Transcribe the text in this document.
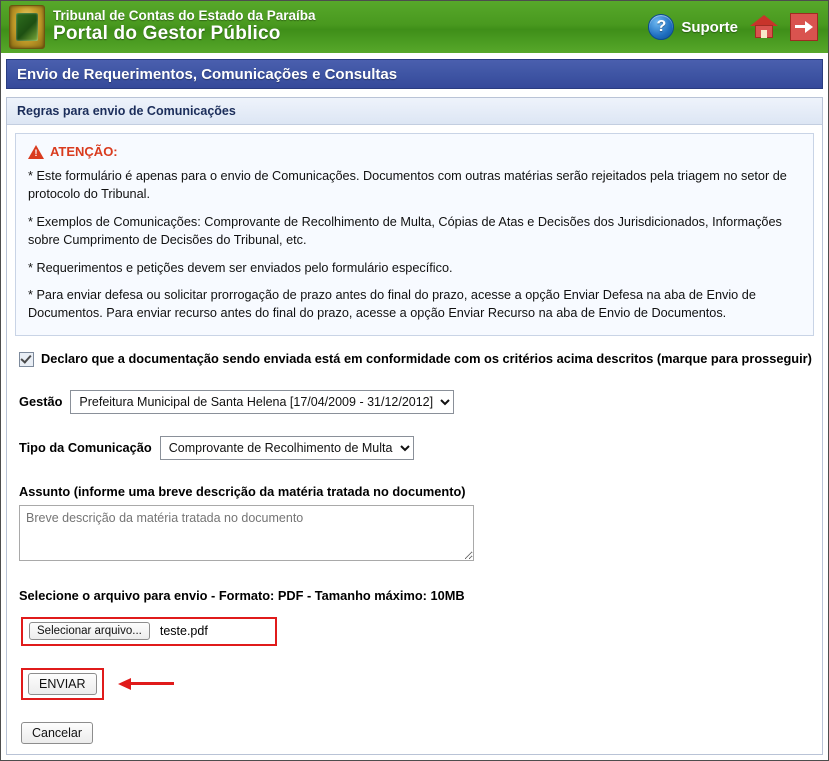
Tribunal de Contas do Estado da Paraíba
Portal do Gestor Público	?	Suporte
Envio de Requerimentos, Comunicações e Consultas
Regras para envio de Comunicações
!
ATENÇÃO:

* Este formulário é apenas para o envio de Comunicações. Documentos com outras matérias serão rejeitados pela triagem no setor de protocolo do Tribunal.

* Exemplos de Comunicações: Comprovante de Recolhimento de Multa, Cópias de Atas e Decisões dos Jurisdicionados, Informações sobre Cumprimento de Decisões do Tribunal, etc.

* Requerimentos e petições devem ser enviados pelo formulário específico.

* Para enviar defesa ou solicitar prorrogação de prazo antes do final do prazo, acesse a opção Enviar Defesa na aba de Envio de Documentos. Para enviar recurso antes do final do prazo, acesse a opção Enviar Recurso na aba de Envio de Documentos.

Declaro que a documentação sendo enviada está em conformidade com os critérios acima descritos (marque para prosseguir)
Gestão
Prefeitura Municipal de Santa Helena [17/04/2009 - 31/12/2012]
Tipo da Comunicação
Comprovante de Recolhimento de Multa
Assunto (informe uma breve descrição da matéria tratada no documento)
Breve descrição da matéria tratada no documento
Selecione o arquivo para envio - Formato: PDF - Tamanho máximo: 10MB
Selecionar arquivo...	teste.pdf
ENVIAR
Cancelar
